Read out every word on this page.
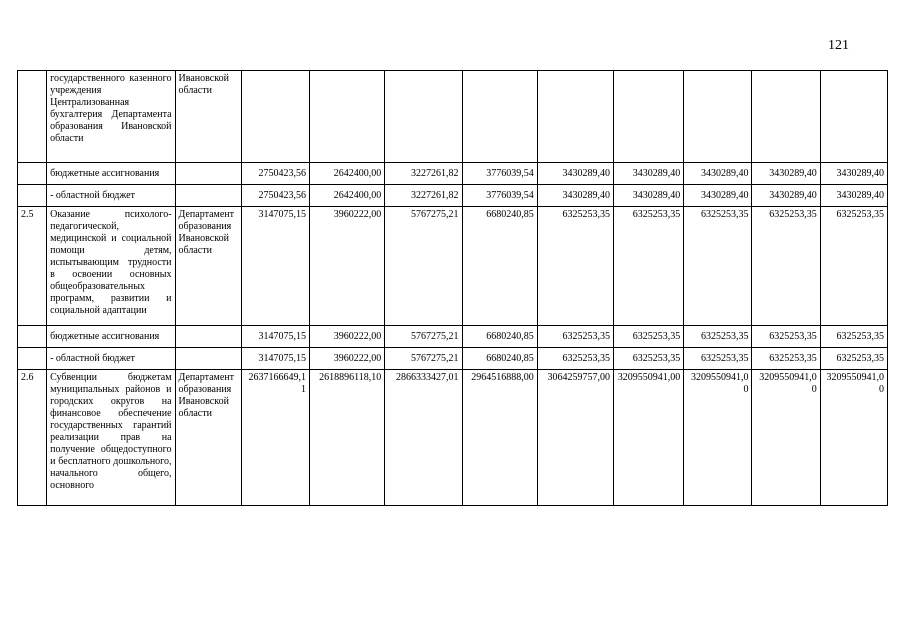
121
	государственного казенного учреждения Централизованная бухгалтерия Департамента образования Ивановской области	Ивановской области									
	бюджетные ассигнования		2750423,56	2642400,00	3227261,82	3776039,54	3430289,40	3430289,40	3430289,40	3430289,40	3430289,40
	- областной бюджет		2750423,56	2642400,00	3227261,82	3776039,54	3430289,40	3430289,40	3430289,40	3430289,40	3430289,40
2.5	Оказание психолого-педагогической, медицинской и социальной помощи детям, испытывающим трудности в освоении основных общеобразовательных программ, развитии и социальной адаптации	Департамент образования Ивановской области	3147075,15	3960222,00	5767275,21	6680240,85	6325253,35	6325253,35	6325253,35	6325253,35	6325253,35
	бюджетные ассигнования		3147075,15	3960222,00	5767275,21	6680240,85	6325253,35	6325253,35	6325253,35	6325253,35	6325253,35
	- областной бюджет		3147075,15	3960222,00	5767275,21	6680240,85	6325253,35	6325253,35	6325253,35	6325253,35	6325253,35
2.6	Субвенции бюджетам муниципальных районов и городских округов на финансовое обеспечение государственных гарантий реализации прав на получение общедоступного и бесплатного дошкольного, начального общего, основного	Департамент образования Ивановской области	2637166649,11	2618896118,10	2866333427,01	2964516888,00	3064259757,00	3209550941,00	3209550941,00	3209550941,00	3209550941,00
